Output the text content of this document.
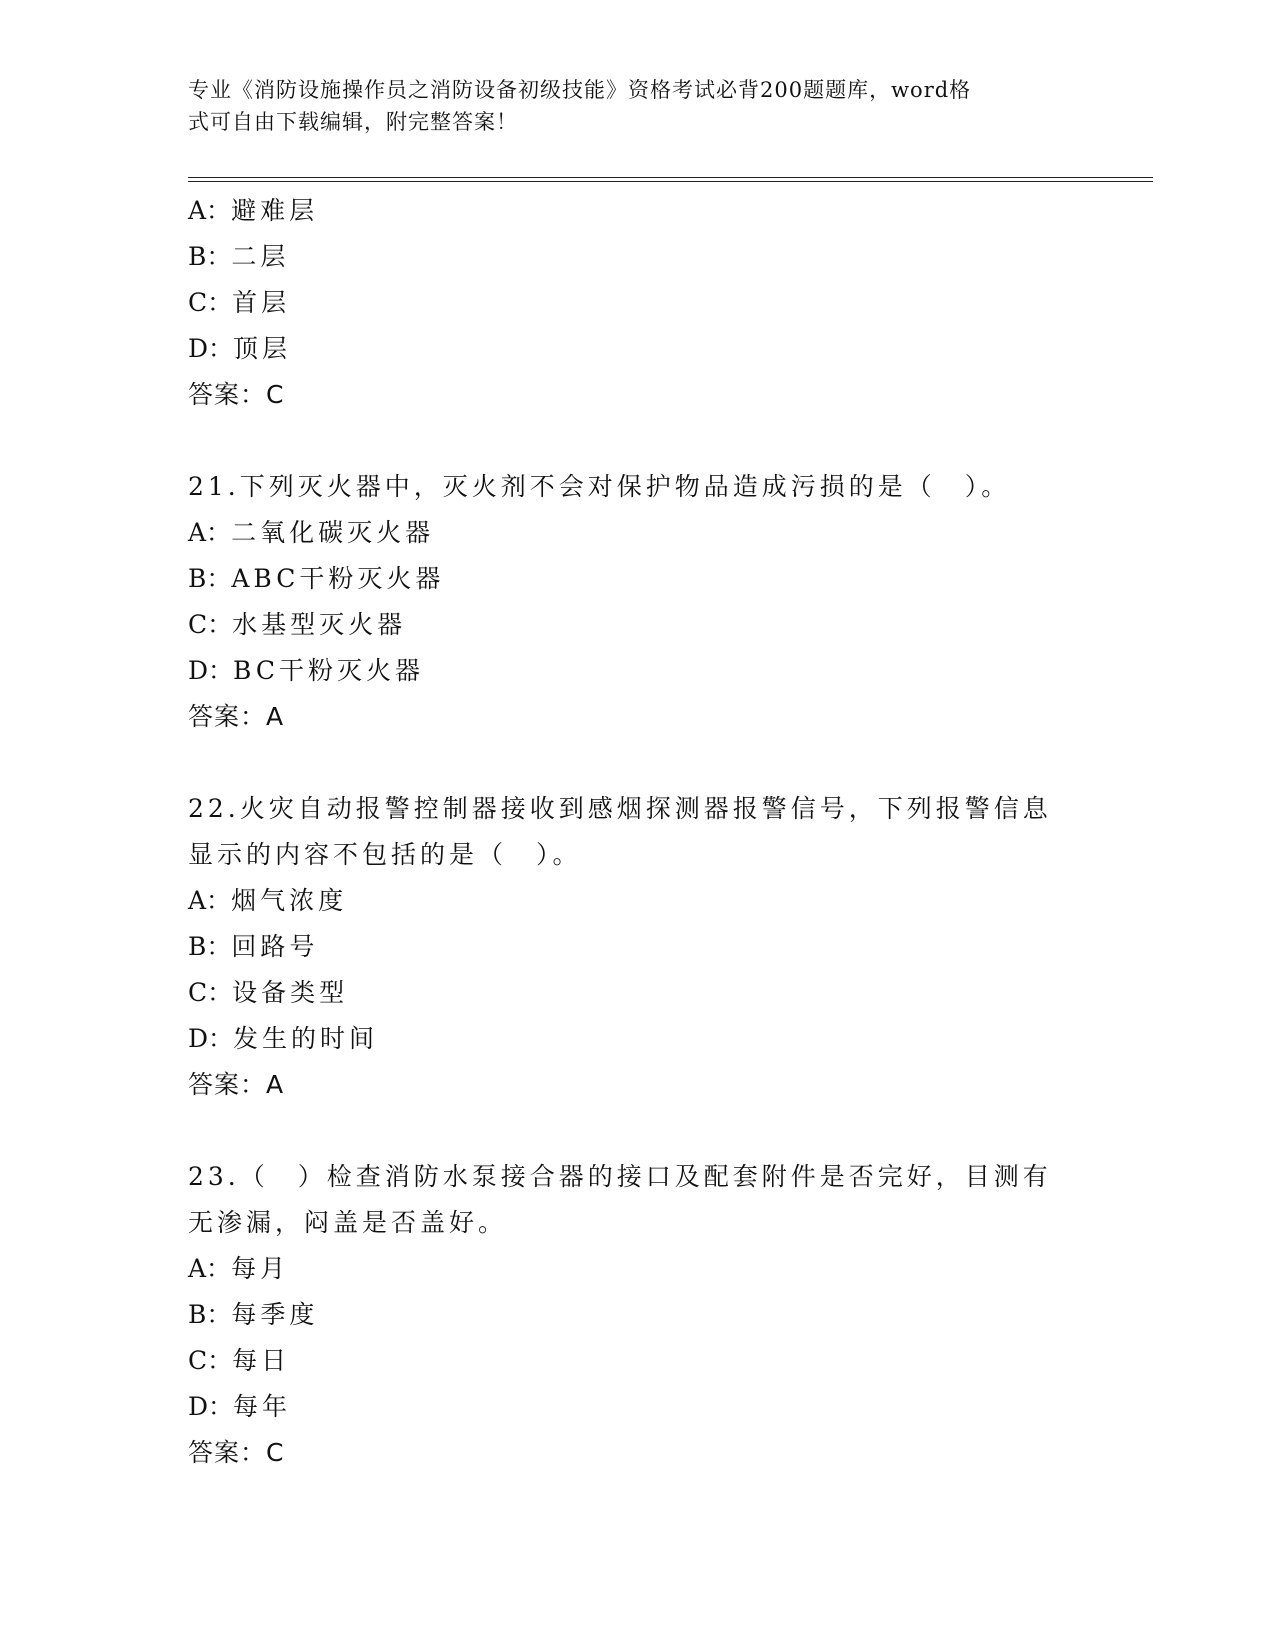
专业《消防设施操作员之消防设备初级技能》资格考试必背200题题库，word格
式可自由下载编辑，附完整答案！
A：避难层
B：二层
C：首层
D：顶层
答案：C
21.下列灭火器中，灭火剂不会对保护物品造成污损的是（　）。
A：二氧化碳灭火器
B：ABC干粉灭火器
C：水基型灭火器
D：BC干粉灭火器
答案：A
22.火灾自动报警控制器接收到感烟探测器报警信号，下列报警信息显示的内容不包括的是（　）。
A：烟气浓度
B：回路号
C：设备类型
D：发生的时间
答案：A
23.（　）检查消防水泵接合器的接口及配套附件是否完好，目测有无渗漏，闷盖是否盖好。
A：每月
B：每季度
C：每日
D：每年
答案：C
